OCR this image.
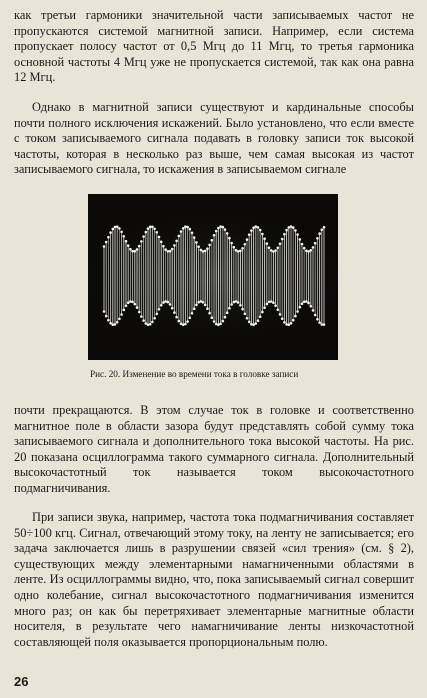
как третьи гармоники значительной части записываемых частот не пропускаются системой магнитной записи. Например, если система пропускает полосу частот от 0,5 Мгц до 11 Мгц, то третья гармоника основной частоты 4 Мгц уже не пропускается системой, так как она равна 12 Мгц.

Однако в магнитной записи существуют и кардинальные способы почти полного исключения искажений. Было установлено, что если вместе с током записываемого сигнала подавать в головку записи ток высокой частоты, которая в несколько раз выше, чем самая высокая из частот записываемого сигнала, то искажения в записываемом сигнале

Рис. 20. Изменение во времени тока в головке записи

почти прекращаются. В этом случае ток в головке и соответственно магнитное поле в области зазора будут представлять собой сумму тока записываемого сигнала и дополнительного тока высокой частоты. На рис. 20 показана осциллограмма такого суммарного сигнала. Дополнительный высокочастотный ток называется током высокочастотного подмагничивания.

При записи звука, например, частота тока подмагничивания составляет 50÷100 кгц. Сигнал, отвечающий этому току, на ленту не записывается; его задача заключается лишь в разрушении связей «сил трения» (см. § 2), существующих между элементарными намагниченными областями в ленте. Из осциллограммы видно, что, пока записываемый сигнал совершит одно колебание, сигнал высокочастотного подмагничивания изменится много раз; он как бы перетряхивает элементарные магнитные области носителя, в результате чего намагничивание ленты низкочастотной составляющей поля оказывается пропорциональным полю.

26
